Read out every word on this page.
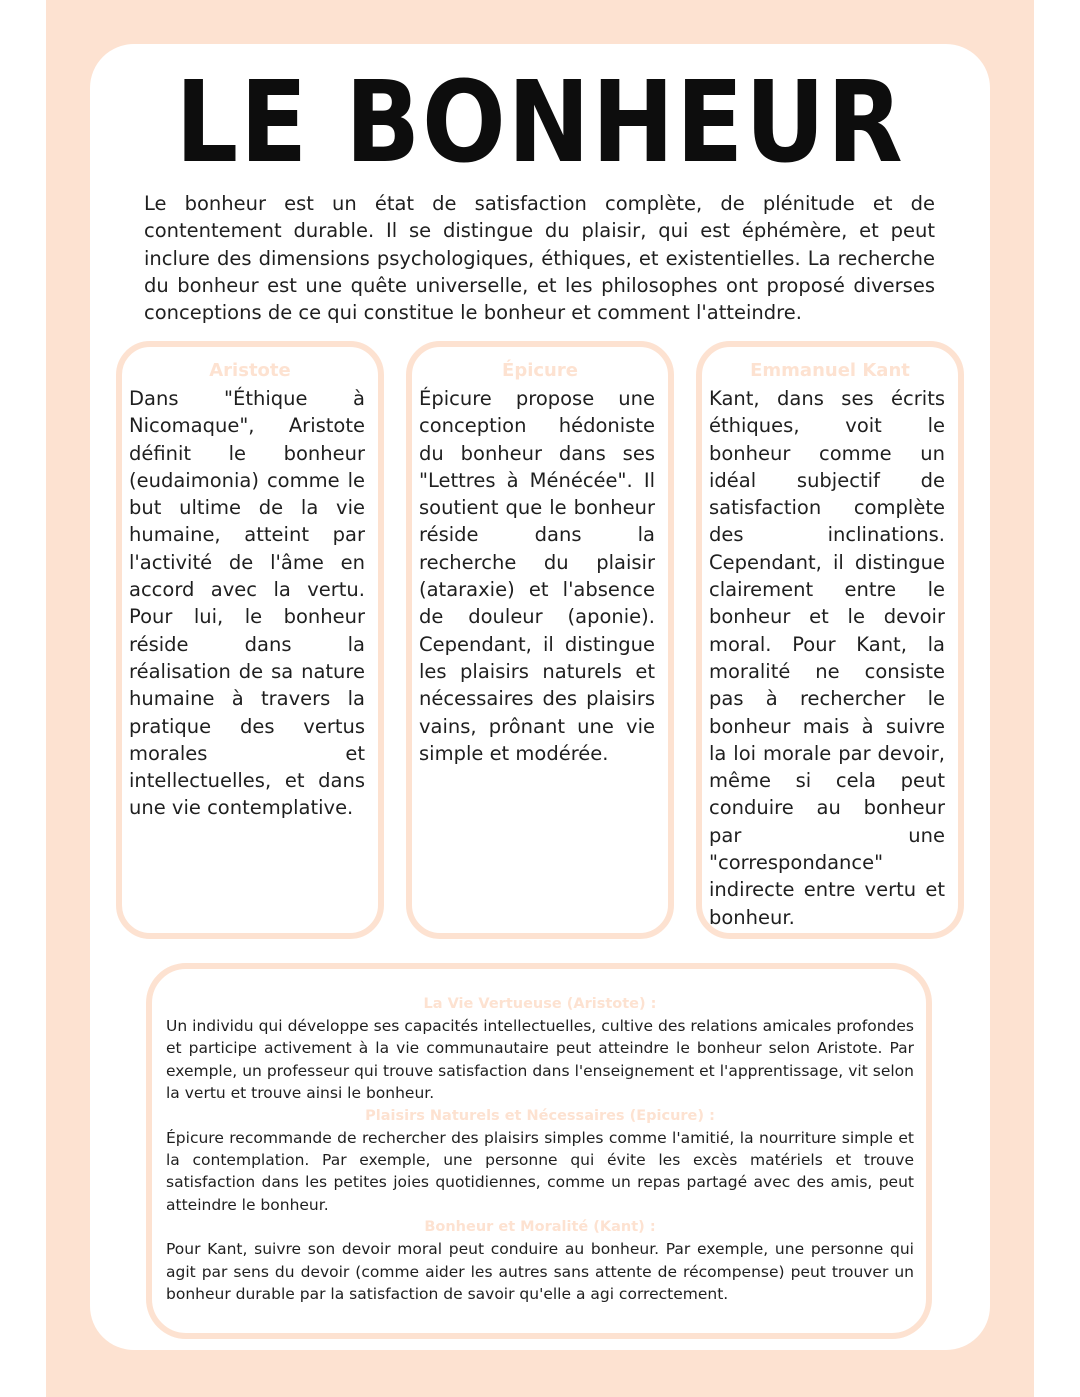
LE BONHEUR

Le bonheur est un état de satisfaction complète, de plénitude et de contentement durable. Il se distingue du plaisir, qui est éphémère, et peut inclure des dimensions psychologiques, éthiques, et existentielles. La recherche du bonheur est une quête universelle, et les philosophes ont proposé diverses conceptions de ce qui constitue le bonheur et comment l'atteindre.

Aristote

Dans "Éthique à Nicomaque", Aristote définit le bonheur (eudaimonia) comme le but ultime de la vie humaine, atteint par l'activité de l'âme en accord avec la vertu. Pour lui, le bonheur réside dans la réalisation de sa nature humaine à travers la pratique des vertus morales et intellectuelles, et dans une vie contemplative.

Épicure

Épicure propose une conception hédoniste du bonheur dans ses "Lettres à Ménécée". Il soutient que le bonheur réside dans la recherche du plaisir (ataraxie) et l'absence de douleur (aponie). Cependant, il distingue les plaisirs naturels et nécessaires des plaisirs vains, prônant une vie simple et modérée.

Emmanuel Kant

Kant, dans ses écrits éthiques, voit le bonheur comme un idéal subjectif de satisfaction complète des inclinations. Cependant, il distingue clairement entre le bonheur et le devoir moral. Pour Kant, la moralité ne consiste pas à rechercher le bonheur mais à suivre la loi morale par devoir, même si cela peut conduire au bonheur par une "correspondance" indirecte entre vertu et bonheur.

La Vie Vertueuse (Aristote) :

Un individu qui développe ses capacités intellectuelles, cultive des relations amicales profondes et participe activement à la vie communautaire peut atteindre le bonheur selon Aristote. Par exemple, un professeur qui trouve satisfaction dans l'enseignement et l'apprentissage, vit selon la vertu et trouve ainsi le bonheur.

Plaisirs Naturels et Nécessaires (Epicure) :

Épicure recommande de rechercher des plaisirs simples comme l'amitié, la nourriture simple et la contemplation. Par exemple, une personne qui évite les excès matériels et trouve satisfaction dans les petites joies quotidiennes, comme un repas partagé avec des amis, peut atteindre le bonheur.

Bonheur et Moralité (Kant) :

Pour Kant, suivre son devoir moral peut conduire au bonheur. Par exemple, une personne qui agit par sens du devoir (comme aider les autres sans attente de récompense) peut trouver un bonheur durable par la satisfaction de savoir qu'elle a agi correctement.
